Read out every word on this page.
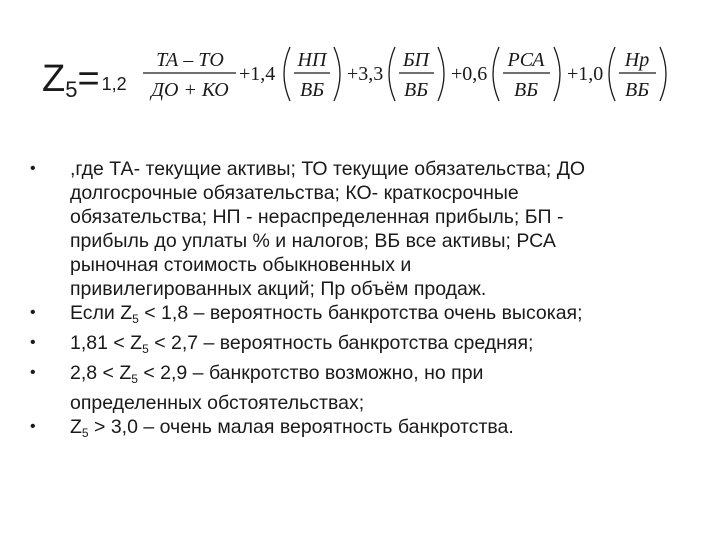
$Z_5= 1,2$
ТА – ТО
ДО + КО
+1,4
НП
ВБ
+3,3
БП
ВБ
+0,6
РСА
ВБ
+1,0
Нр
ВБ
• ,где ТА- текущие активы; ТО текущие обязательства; ДО
долгосрочные обязательства; КО- краткосрочные
обязательства; НП - нераспределенная прибыль; БП -
прибыль до уплаты % и налогов; ВБ все активы; РСА
рыночная стоимость обыкновенных и
привилегированных акций; Пр объём продаж.
• Если $Z_5 < 1,8$ – вероятность банкротства очень высокая;
• $1,81 < Z_5 < 2,7$ – вероятность банкротства средняя;
• $2,8 < Z_5 < 2,9$ – банкротство возможно, но при
определенных обстоятельствах;
• $Z_5 > 3,0$ – очень малая вероятность банкротства.
